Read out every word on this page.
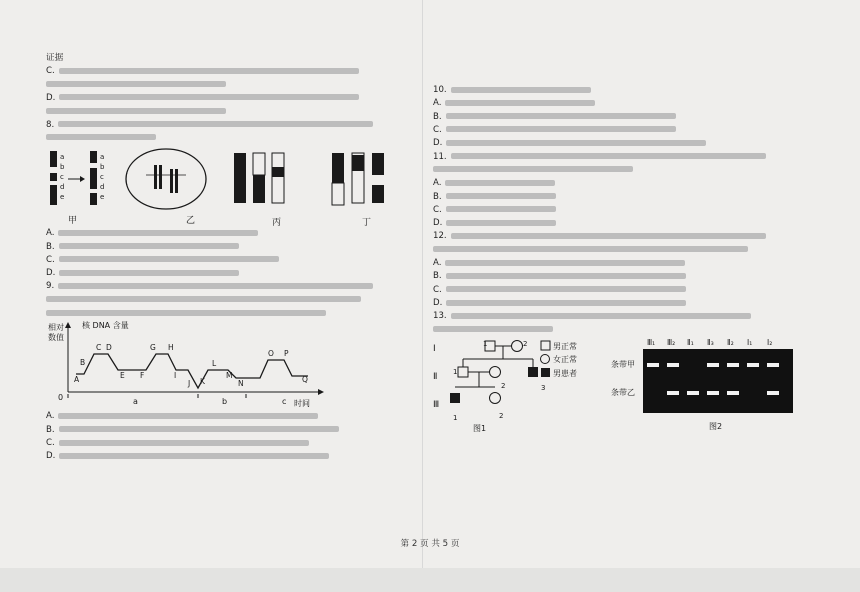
证据
C.
D.
8.
a
b
c
d
e
a
b
c
d
e
甲	乙	丙	丁
A.
B.
C.
D.
9.
相对
数值
核 DNA 含量
0
时间
A
B
C D
E F
G H
I
J K
L
M
N
O P
Q
a	b	c
A.
B.
C.
D.
10.
A.
B.
C.
D.
11.
A.
B.
C.
D.
12.
A.
B.
C.
D.
13.
Ⅰ
Ⅱ
Ⅲ
1	2
1
2	3
1	2
男正常
女正常
男患者
图1
Ⅲ₁ Ⅲ₂ Ⅱ₁ Ⅱ₃ Ⅱ₂ Ⅰ₁ Ⅰ₂
条带甲
条带乙
图2
第 2 页 共 5 页
